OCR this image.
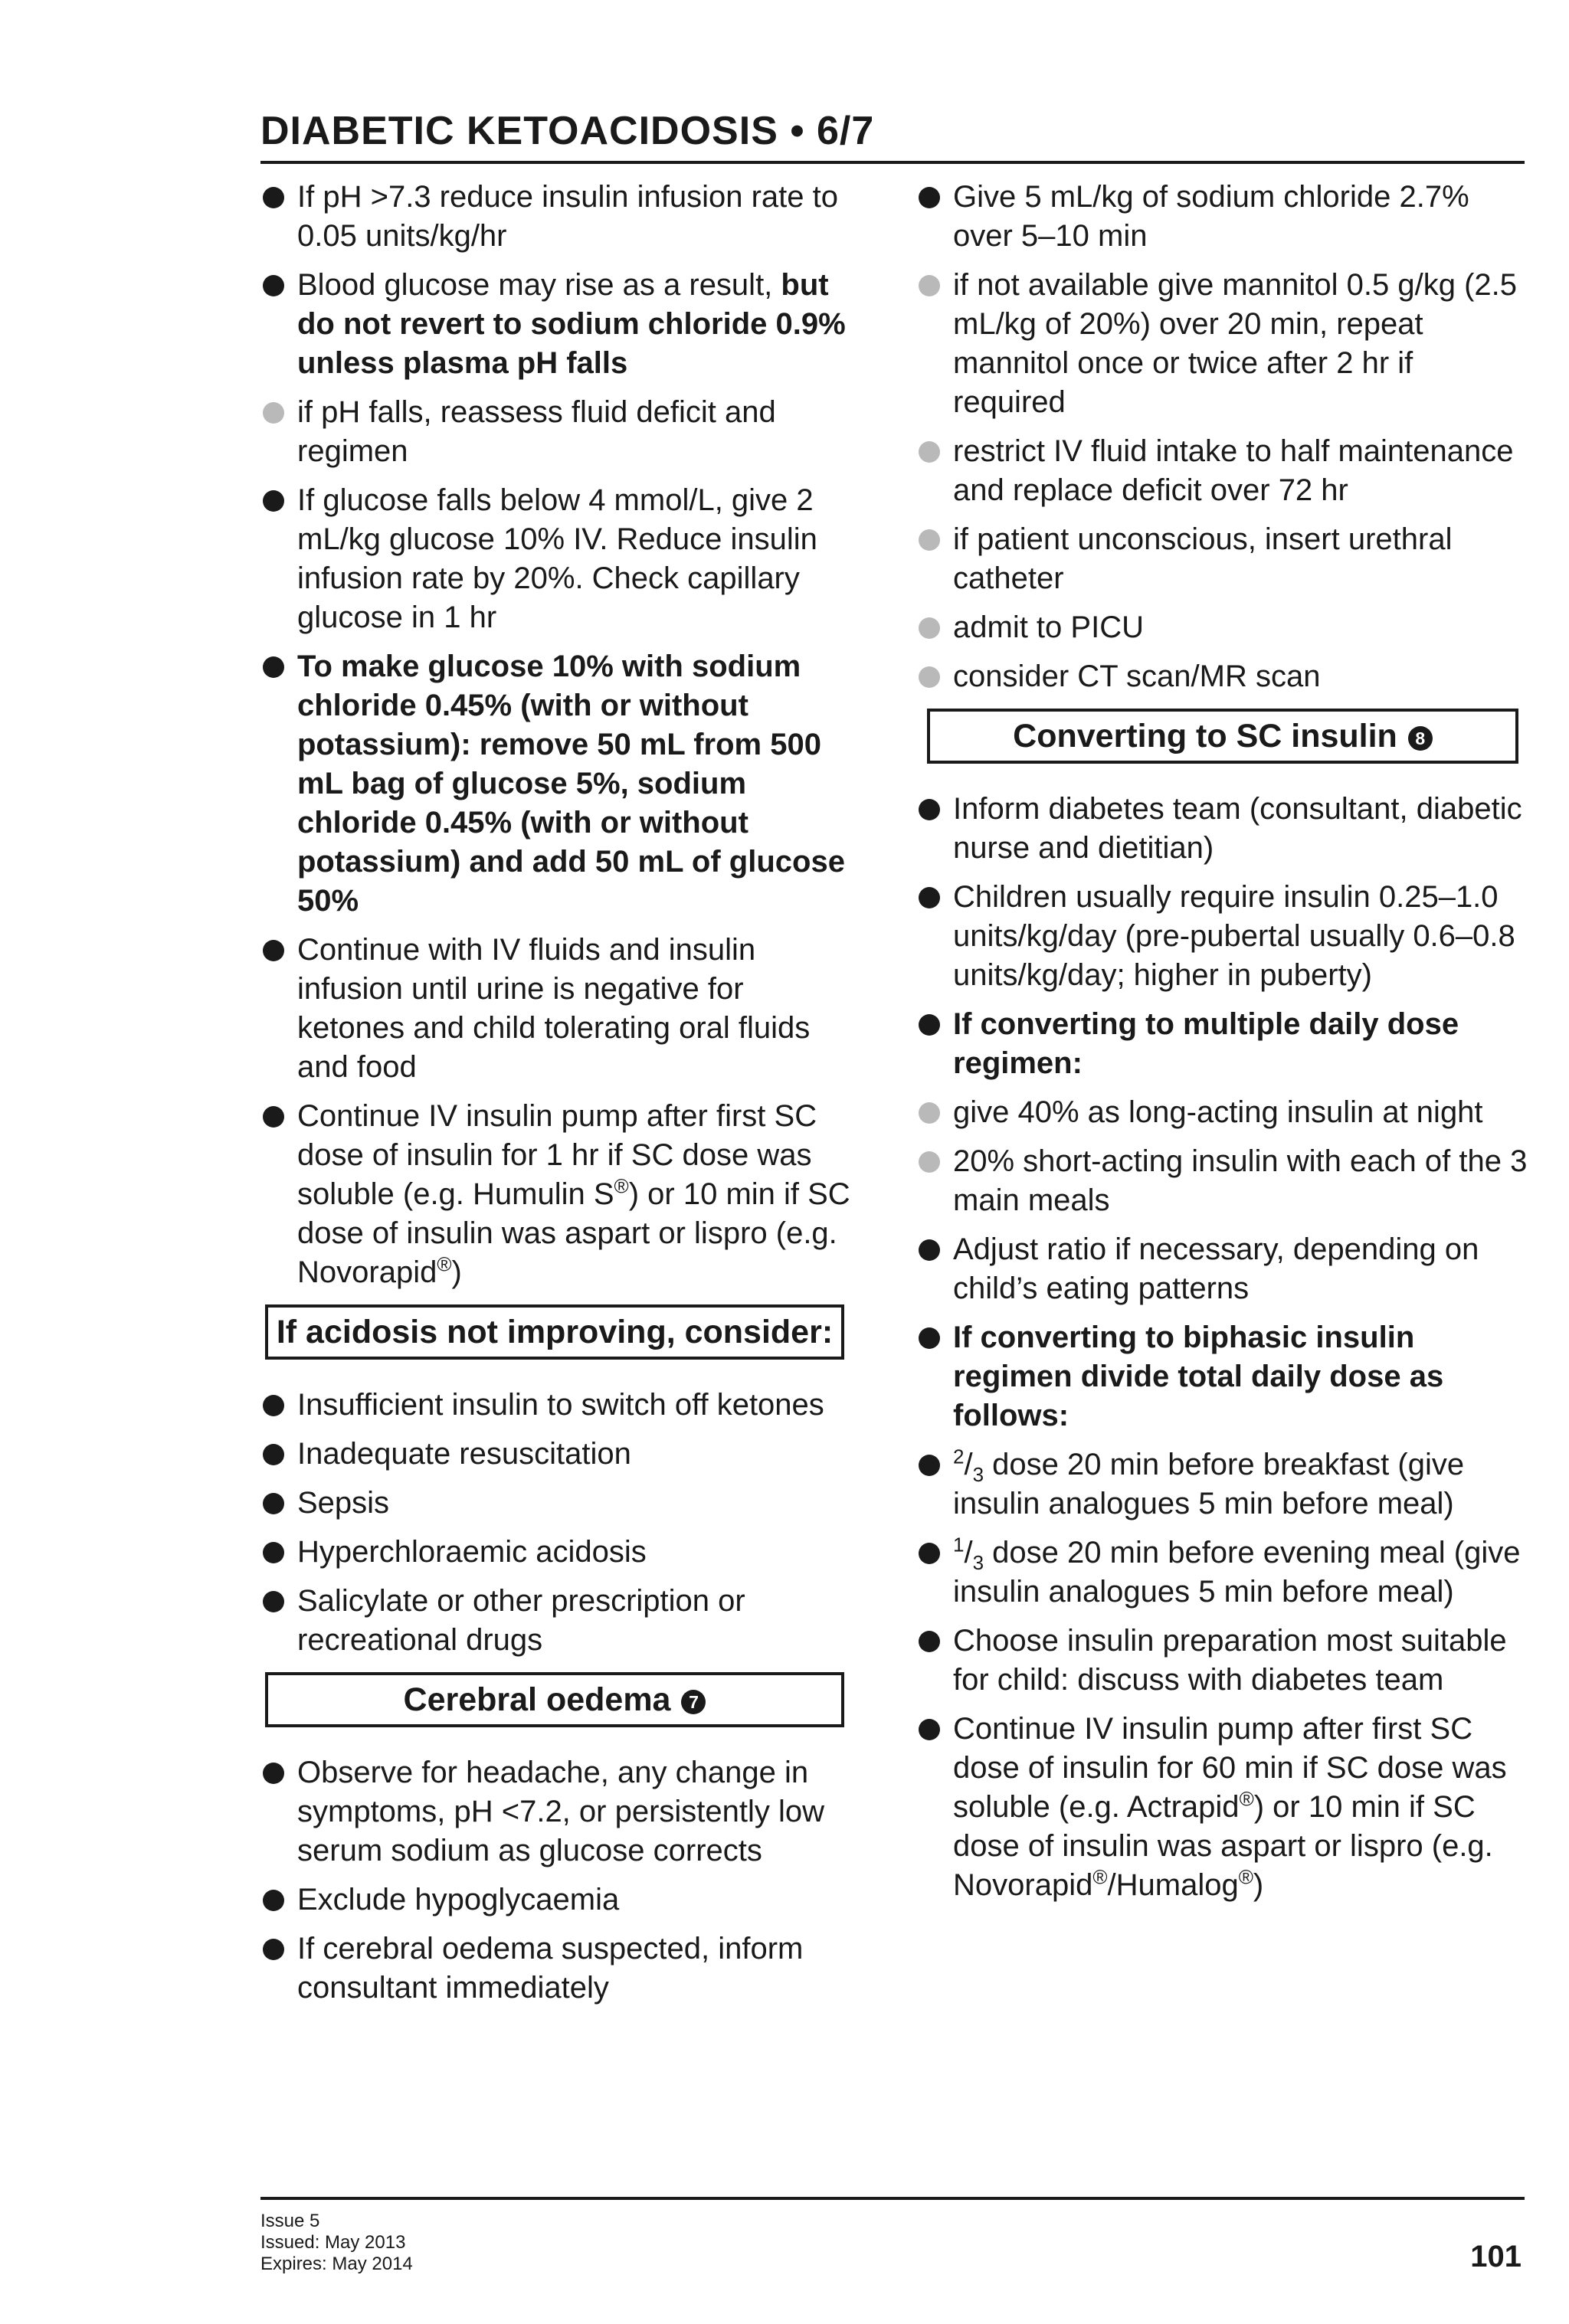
DIABETIC KETOACIDOSIS • 6/7
If pH >7.3 reduce insulin infusion rate to 0.05 units/kg/hr
Blood glucose may rise as a result, but do not revert to sodium chloride 0.9% unless plasma pH falls
if pH falls, reassess fluid deficit and regimen
If glucose falls below 4 mmol/L, give 2 mL/kg glucose 10% IV. Reduce insulin infusion rate by 20%. Check capillary glucose in 1 hr
To make glucose 10% with sodium chloride 0.45% (with or without potassium): remove 50 mL from 500 mL bag of glucose 5%, sodium chloride 0.45% (with or without potassium) and add 50 mL of glucose 50%
Continue with IV fluids and insulin infusion until urine is negative for ketones and child tolerating oral fluids and food
Continue IV insulin pump after first SC dose of insulin for 1 hr if SC dose was soluble (e.g. Humulin S®) or 10 min if SC dose of insulin was aspart or lispro (e.g. Novorapid®)
If acidosis not improving, consider:
Insufficient insulin to switch off ketones
Inadequate resuscitation
Sepsis
Hyperchloraemic acidosis
Salicylate or other prescription or recreational drugs
Cerebral oedema 7
Observe for headache, any change in symptoms, pH <7.2, or persistently low serum sodium as glucose corrects
Exclude hypoglycaemia
If cerebral oedema suspected, inform consultant immediately
Give 5 mL/kg of sodium chloride 2.7% over 5–10 min
if not available give mannitol 0.5 g/kg (2.5 mL/kg of 20%) over 20 min, repeat mannitol once or twice after 2 hr if required
restrict IV fluid intake to half maintenance and replace deficit over 72 hr
if patient unconscious, insert urethral catheter
admit to PICU
consider CT scan/MR scan
Converting to SC insulin 8
Inform diabetes team (consultant, diabetic nurse and dietitian)
Children usually require insulin 0.25–1.0 units/kg/day (pre-pubertal usually 0.6–0.8 units/kg/day; higher in puberty)
If converting to multiple daily dose regimen:
give 40% as long-acting insulin at night
20% short-acting insulin with each of the 3 main meals
Adjust ratio if necessary, depending on child’s eating patterns
If converting to biphasic insulin regimen divide total daily dose as follows:
$^2/_3$ dose 20 min before breakfast (give insulin analogues 5 min before meal)
$^1/_3$ dose 20 min before evening meal (give insulin analogues 5 min before meal)
Choose insulin preparation most suitable for child: discuss with diabetes team
Continue IV insulin pump after first SC dose of insulin for 60 min if SC dose was soluble (e.g. Actrapid®) or 10 min if SC dose of insulin was aspart or lispro (e.g. Novorapid®/Humalog®)
Issue 5
Issued: May 2013
Expires: May 2014	101
